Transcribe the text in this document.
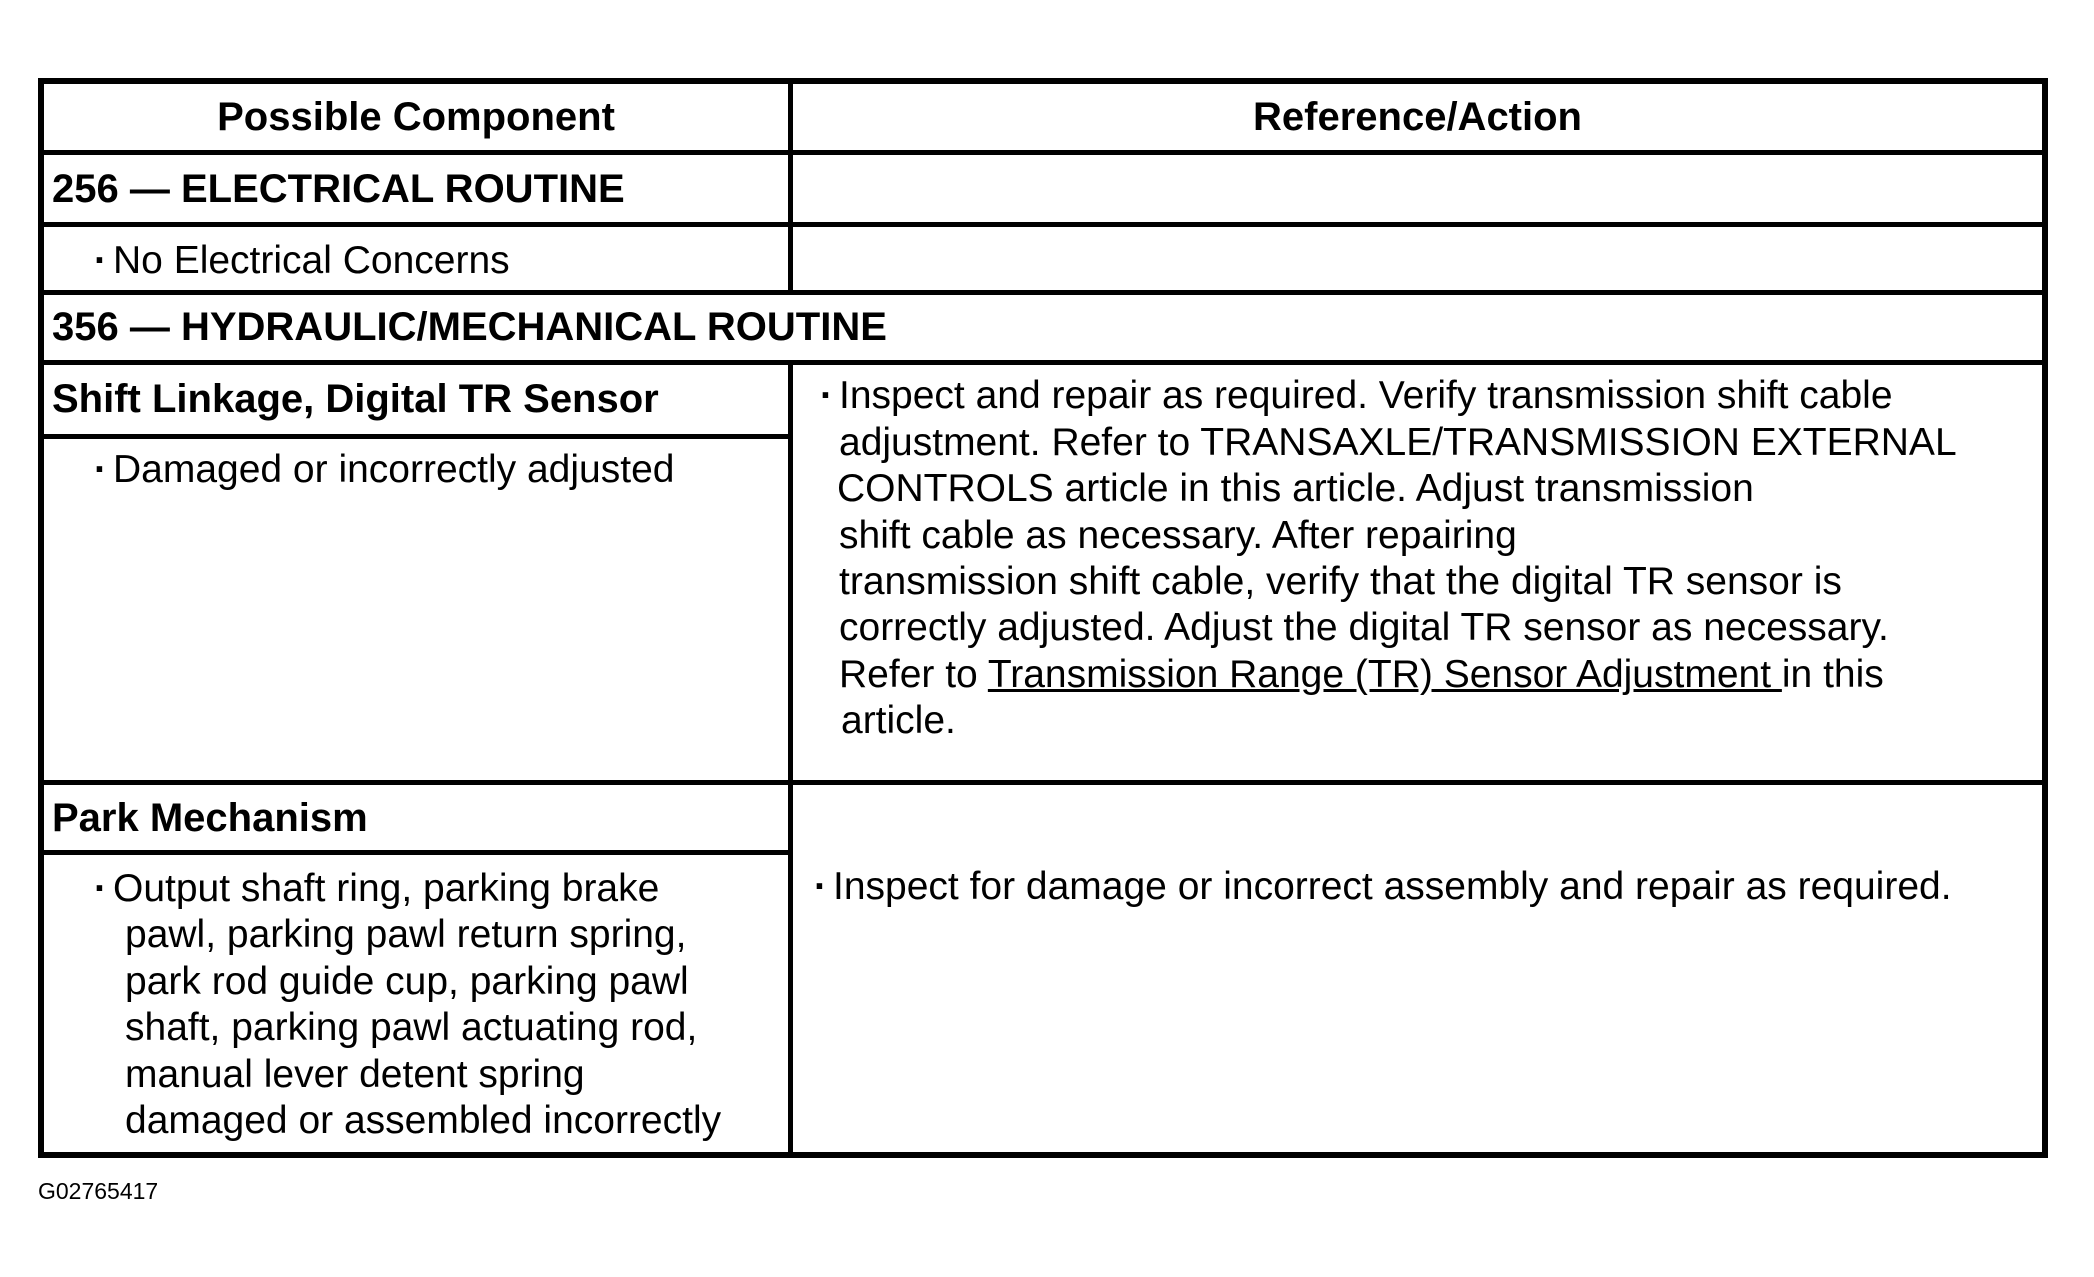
Possible Component	Reference/Action
256 — ELECTRICAL ROUTINE
· No Electrical Concerns
356 — HYDRAULIC/MECHANICAL ROUTINE
Shift Linkage, Digital TR Sensor
· Damaged or incorrectly adjusted
· Inspect and repair as required. Verify transmission shift cable
adjustment. Refer to TRANSAXLE/TRANSMISSION EXTERNAL
CONTROLS article in this article. Adjust transmission
shift cable as necessary. After repairing
transmission shift cable, verify that the digital TR sensor is
correctly adjusted. Adjust the digital TR sensor as necessary.
Refer to Transmission Range (TR) Sensor Adjustment in this
article.
Park Mechanism
· Output shaft ring, parking brake
pawl, parking pawl return spring,
park rod guide cup, parking pawl
shaft, parking pawl actuating rod,
manual lever detent spring
damaged or assembled incorrectly
· Inspect for damage or incorrect assembly and repair as required.
G02765417
